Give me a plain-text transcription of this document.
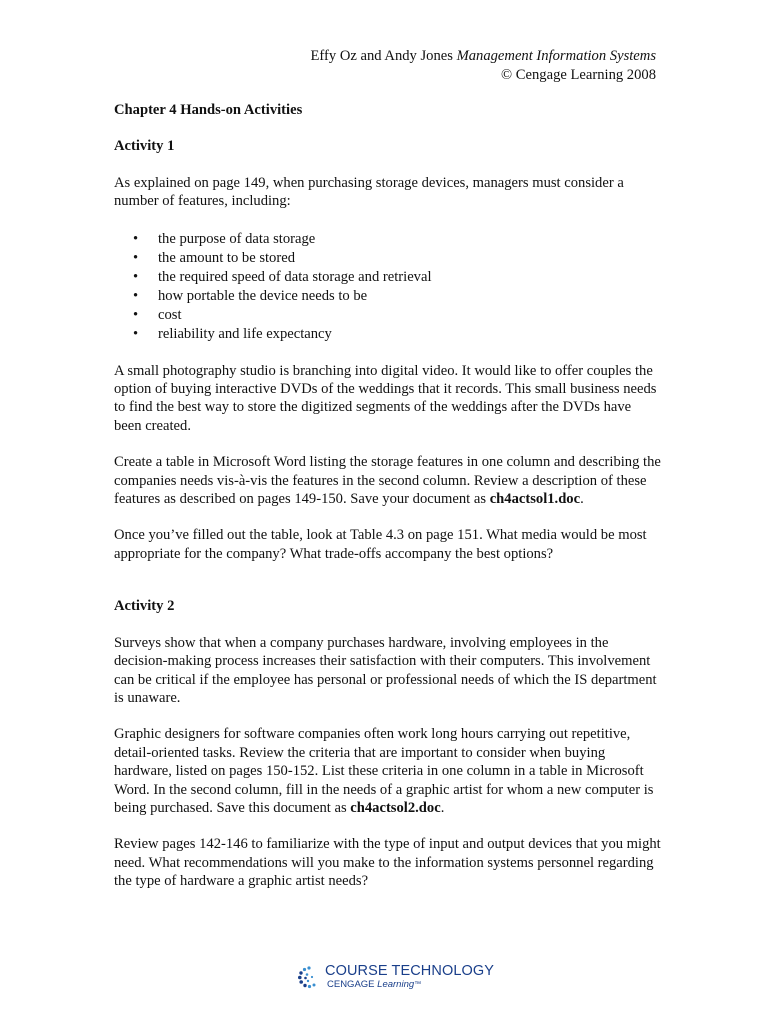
Effy Oz and Andy Jones Management Information Systems
© Cengage Learning 2008

Chapter 4 Hands-on Activities

Activity 1

As explained on page 149, when purchasing storage devices, managers must consider a number of features, including:

• the purpose of data storage
• the amount to be stored
• the required speed of data storage and retrieval
• how portable the device needs to be
• cost
• reliability and life expectancy

A small photography studio is branching into digital video. It would like to offer couples the option of buying interactive DVDs of the weddings that it records. This small business needs to find the best way to store the digitized segments of the weddings after the DVDs have been created.

Create a table in Microsoft Word listing the storage features in one column and describing the companies needs vis-à-vis the features in the second column. Review a description of these features as described on pages 149-150. Save your document as ch4actsol1.doc.

Once you’ve filled out the table, look at Table 4.3 on page 151. What media would be most appropriate for the company? What trade-offs accompany the best options?

Activity 2

Surveys show that when a company purchases hardware, involving employees in the decision-making process increases their satisfaction with their computers. This involvement can be critical if the employee has personal or professional needs of which the IS department is unaware.

Graphic designers for software companies often work long hours carrying out repetitive, detail-oriented tasks. Review the criteria that are important to consider when buying hardware, listed on pages 150-152. List these criteria in one column in a table in Microsoft Word. In the second column, fill in the needs of a graphic artist for whom a new computer is being purchased. Save this document as ch4actsol2.doc.

Review pages 142-146 to familiarize with the type of input and output devices that you might need. What recommendations will you make to the information systems personnel regarding the type of hardware a graphic artist needs?

COURSE TECHNOLOGY
CENGAGE Learning™
